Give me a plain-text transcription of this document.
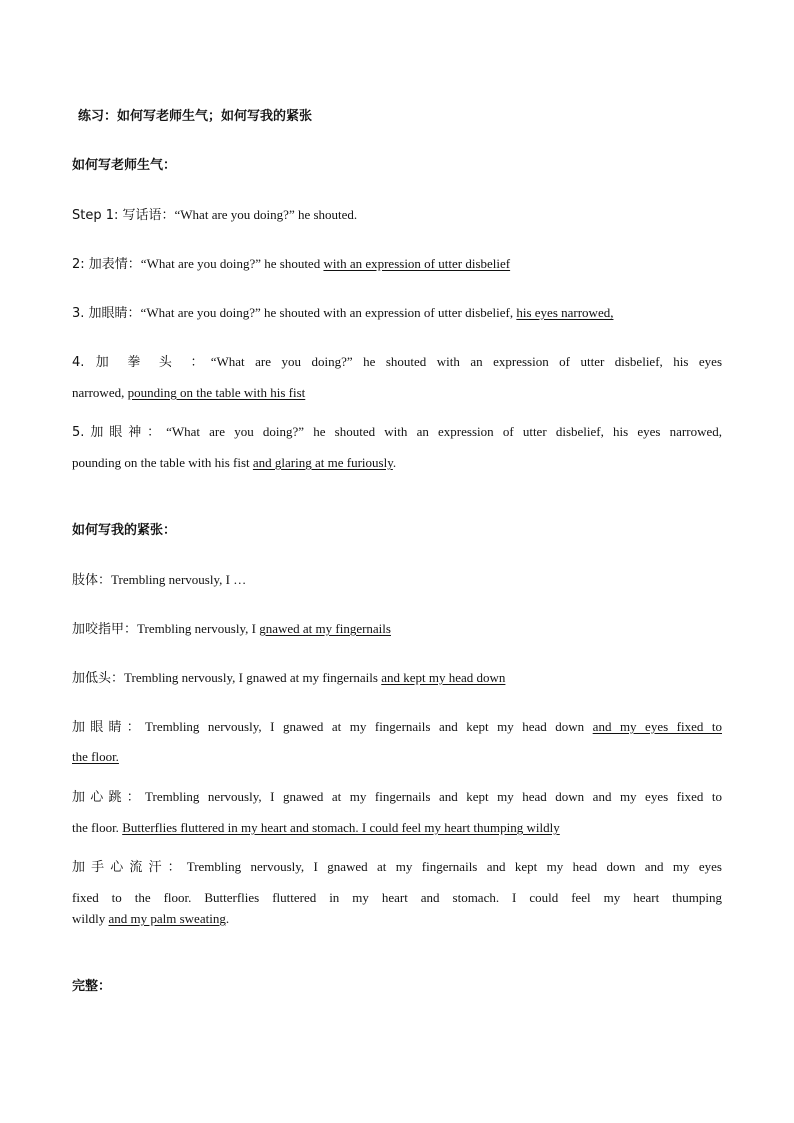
练习：如何写老师生气；如何写我的紧张
如何写老师生气：
Step 1: 写话语：“What are you doing?” he shouted.
2: 加表情：“What are you doing?” he shouted with an expression of utter disbelief
3. 加眼睛：“What are you doing?” he shouted with an expression of utter disbelief, his eyes narrowed,
4. 加 拳 头 ：“What are you doing?” he shouted with an expression of utter disbelief, his eyes
narrowed, pounding on the table with his fist
5.加眼神：“What are you doing?” he shouted with an expression of utter disbelief, his eyes narrowed,
pounding on the table with his fist and glaring at me furiously.
如何写我的紧张：
肢体：Trembling nervously, I …
加咬指甲：Trembling nervously, I gnawed at my fingernails
加低头：Trembling nervously, I gnawed at my fingernails and kept my head down
加眼睛：Trembling nervously, I gnawed at my fingernails and kept my head down and my eyes fixed to
the floor.
加心跳：Trembling nervously, I gnawed at my fingernails and kept my head down and my eyes fixed to
the floor. Butterflies fluttered in my heart and stomach. I could feel my heart thumping wildly
加手心流汗：Trembling nervously, I gnawed at my fingernails and kept my head down and my eyes
fixed to the floor. Butterflies fluttered in my heart and stomach. I could feel my heart thumping
wildly and my palm sweating.
完整：
